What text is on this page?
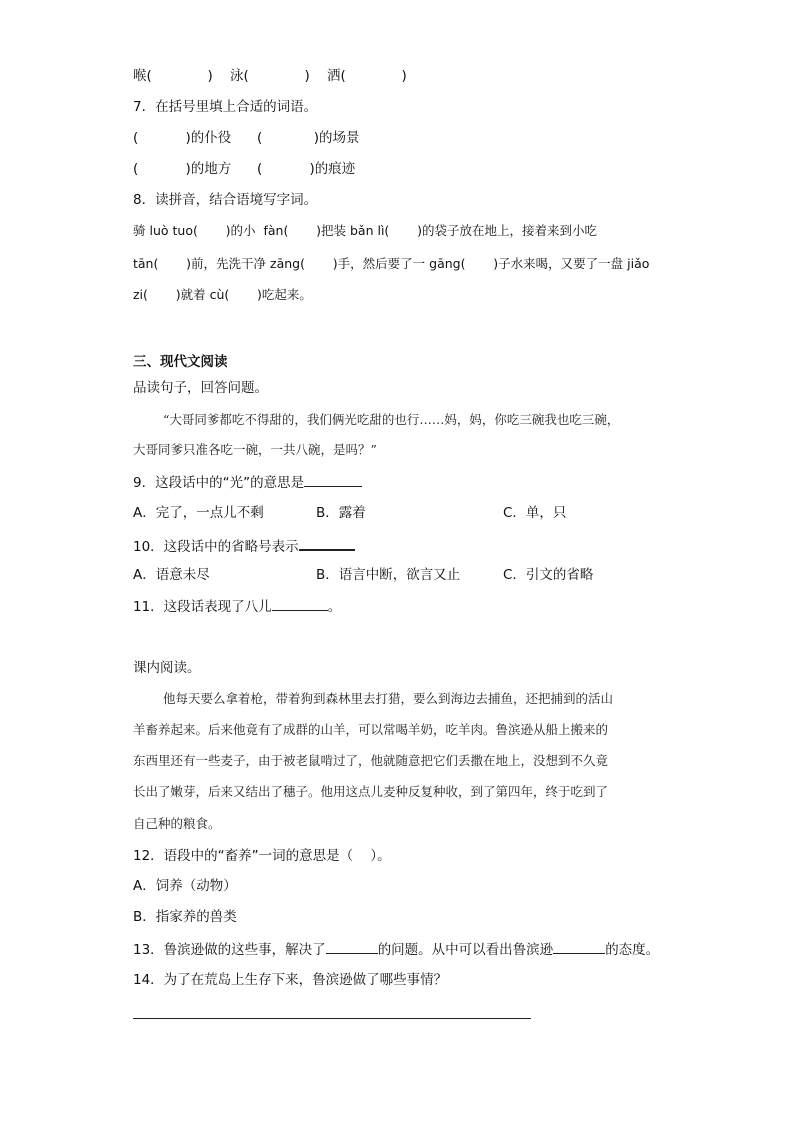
喉(             )    泳(             )    洒(             )
7．在括号里填上合适的词语。
(           )的仆役      (            )的场景
(           )的地方      (           )的痕迹
8．读拼音，结合语境写字词。
骑 luò tuo(       )的小  fàn(       )把装 bǎn lì(       )的袋子放在地上，接着来到小吃
tān(       )前，先洗干净 zāng(       )手，然后要了一 gāng(       )子水来喝，又要了一盘 jiǎo
zi(       )就着 cù(       )吃起来。
三、现代文阅读
品读句子，回答问题。
“大哥同爹都吃不得甜的，我们俩光吃甜的也行……妈，妈，你吃三碗我也吃三碗，
大哥同爹只准各吃一碗，一共八碗，是吗？”
9．这段话中的“光”的意思是
A．完了，一点儿不剩	B．露着	C．单，只
10．这段话中的省略号表示
A．语意未尽	B．语言中断，欲言又止	C．引文的省略
11．这段话表现了八儿	。
课内阅读。
他每天要么拿着枪，带着狗到森林里去打猎，要么到海边去捕鱼，还把捕到的活山
羊畜养起来。后来他竟有了成群的山羊，可以常喝羊奶，吃羊肉。鲁滨逊从船上搬来的
东西里还有一些麦子，由于被老鼠啃过了，他就随意把它们丢撒在地上，没想到不久竟
长出了嫩芽，后来又结出了穗子。他用这点儿麦种反复种收，到了第四年，终于吃到了
自己种的粮食。
12．语段中的“畜养”一词的意思是（    ）。
A．饲养（动物）
B．指家养的兽类
13．鲁滨逊做的这些事，解决了	的问题。从中可以看出鲁滨逊	的态度。
14．为了在荒岛上生存下来，鲁滨逊做了哪些事情？
